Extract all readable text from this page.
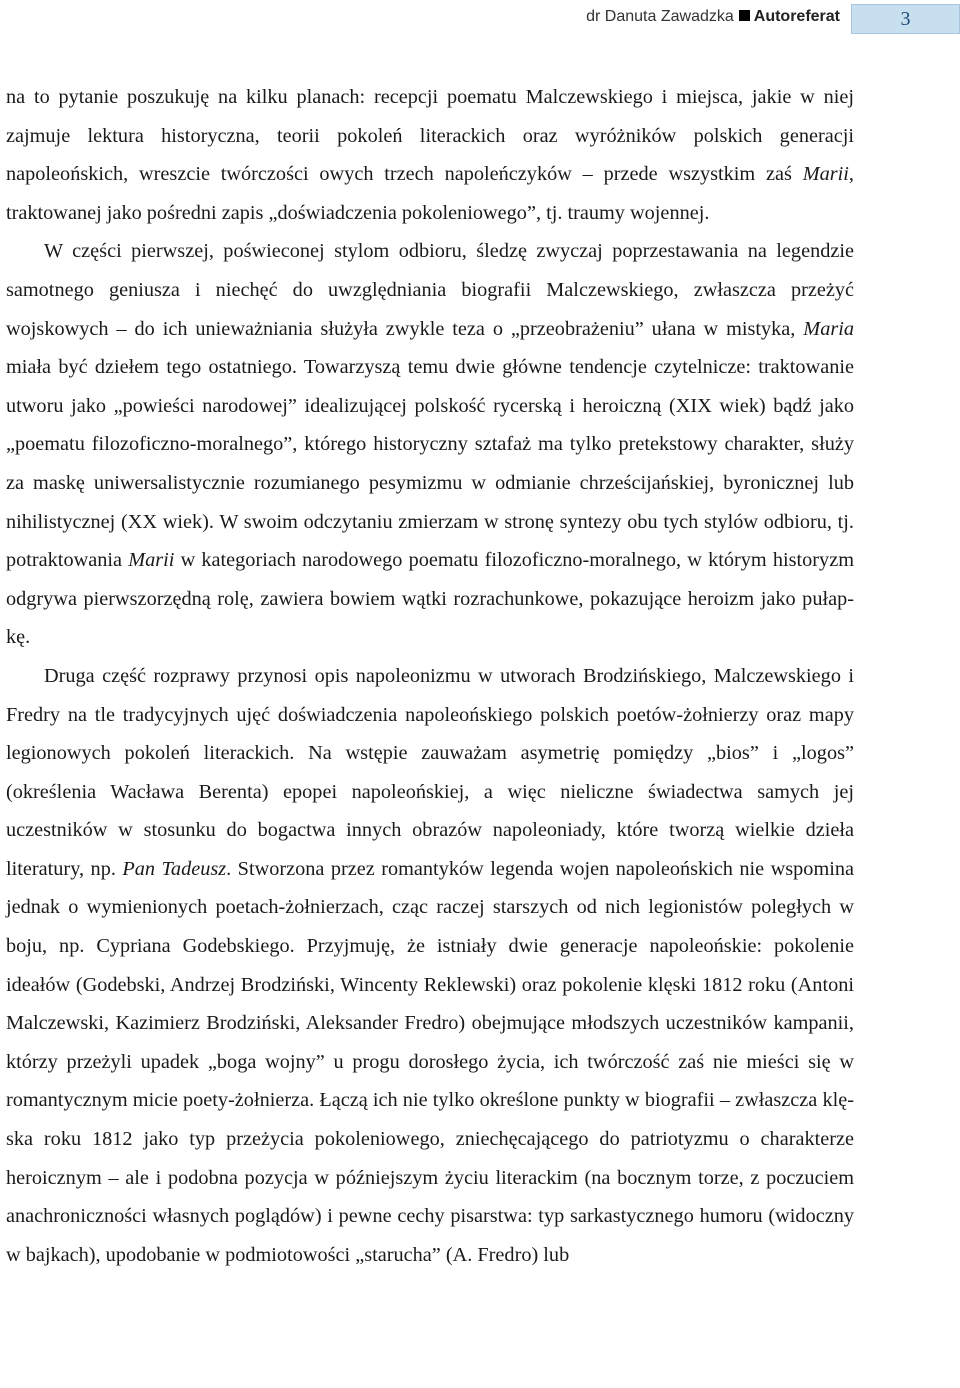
dr Danuta Zawadzka Autoreferat	3

na to pytanie poszukuję na kilku planach: recepcji poematu Malczewskiego i miejsca, jakie w niej zajmuje lektura historyczna, teorii pokoleń literackich oraz wyróżników polskich generacji napoleońskich, wreszcie twórczości owych trzech napoleńczyków – przede wszystkim zaś Marii, traktowanej jako pośredni zapis „doświadczenia pokoleniowego”, tj. traumy wojennej.

W części pierwszej, poświeconej stylom odbioru, śledzę zwyczaj poprzestawania na legendzie samotnego geniusza i niechęć do uwzględniania biografii Malczewskiego, zwłaszcza przeżyć wojskowych – do ich unieważniania służyła zwykle teza o „przeobrażeniu” ułana w mistyka, Maria miała być dziełem tego ostatniego. Towarzyszą temu dwie główne tendencje czytelnicze: traktowanie utworu jako „powieści narodowej” idealizującej polskość rycerską i heroiczną (XIX wiek) bądź jako „poematu filozoficzno-moralnego”, którego historyczny sztafaż ma tylko pretekstowy charakter, służy za maskę uniwersalistycznie rozumianego pesymizmu w odmianie chrześcijańskiej, byronicznej lub nihilistycznej (XX wiek). W swoim odczytaniu zmierzam w stronę syntezy obu tych stylów odbioru, tj. potraktowania Marii w kategoriach narodowego poematu filozoficzno-moralnego, w którym historyzm odgrywa pierwszorzędną rolę, zawiera bowiem wątki rozrachunkowe, pokazujące heroizm jako pułapkę.

Druga część rozprawy przynosi opis napoleonizmu w utworach Brodzińskiego, Malczewskiego i Fredry na tle tradycyjnych ujęć doświadczenia napoleońskiego polskich poetów-żołnierzy oraz mapy legionowych pokoleń literackich. Na wstępie zauważam asymetrię pomiędzy „bios” i „logos” (określenia Wacława Berenta) epopei napoleońskiej, a więc nieliczne świadectwa samych jej uczestników w stosunku do bogactwa innych obrazów napoleoniady, które tworzą wielkie dzieła literatury, np. Pan Tadeusz. Stworzona przez romantyków legenda wojen napoleońskich nie wspomina jednak o wymienionych poetach-żołnierzach, cząc raczej starszych od nich legionistów poległych w boju, np. Cypriana Godebskiego. Przyjmuję, że istniały dwie generacje napoleońskie: pokolenie ideałów (Godebski, Andrzej Brodziński, Wincenty Reklewski) oraz pokolenie klęski 1812 roku (Antoni Malczewski, Kazimierz Brodziński, Aleksander Fredro) obejmujące młodszych uczestników kampanii, którzy przeżyli upadek „boga wojny” u progu dorosłego życia, ich twórczość zaś nie mieści się w romantycznym micie poety-żołnierza. Łączą ich nie tylko określone punkty w biografii – zwłaszcza klęska roku 1812 jako typ przeżycia pokoleniowego, zniechęcającego do patriotyzmu o charakterze heroicznym – ale i podobna pozycja w późniejszym życiu literackim (na bocznym torze, z poczuciem anachroniczności własnych poglądów) i pewne cechy pisarstwa: typ sarkastycznego humoru (widoczny w bajkach), upodobanie w podmiotowości „starucha” (A. Fredro) lub
